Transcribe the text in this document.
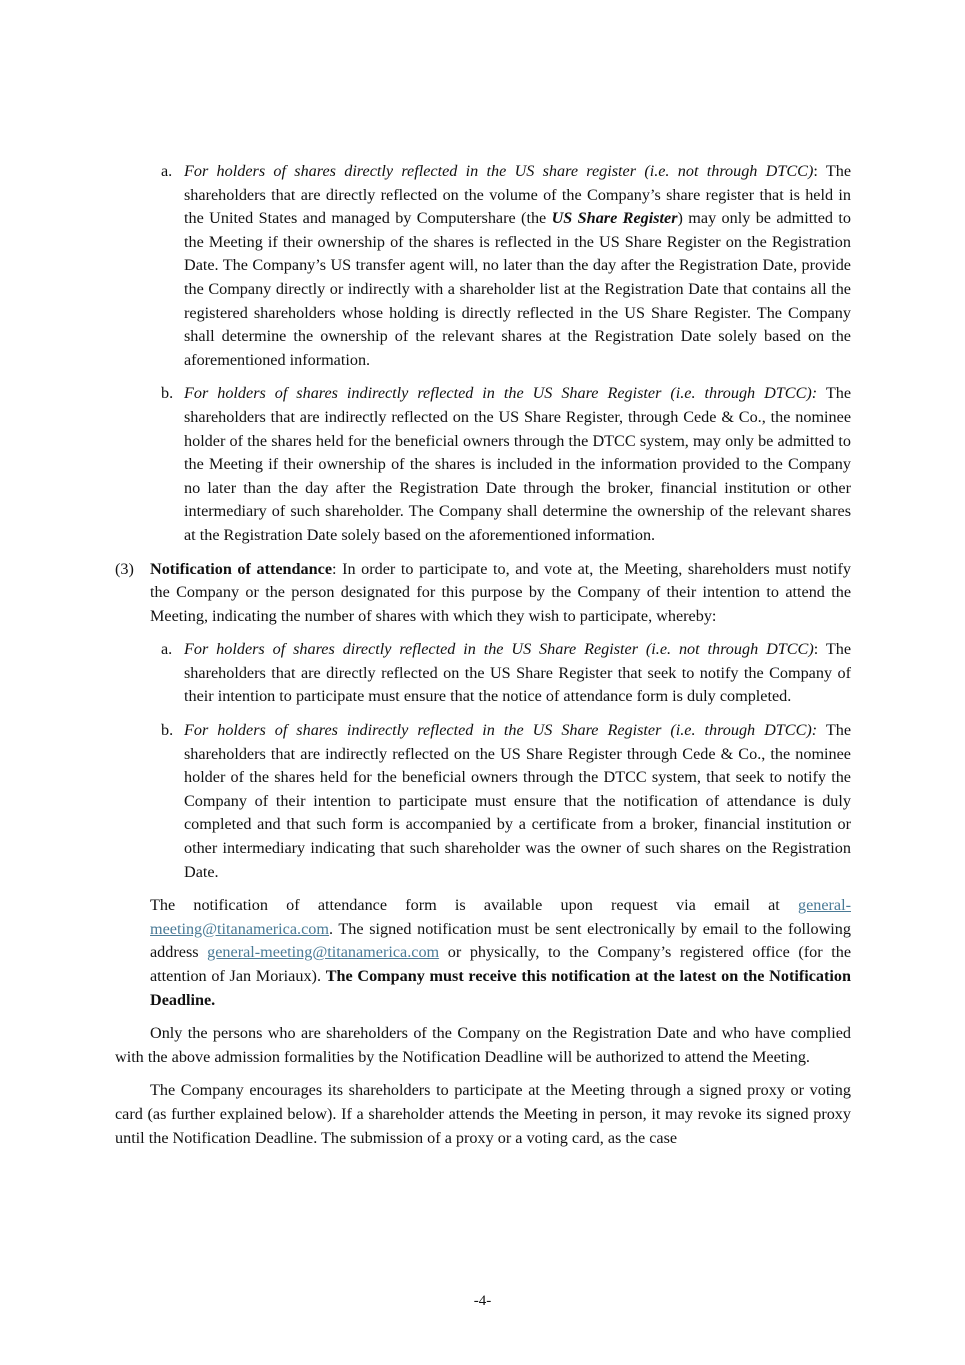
a. For holders of shares directly reflected in the US share register (i.e. not through DTCC): The shareholders that are directly reflected on the volume of the Company’s share register that is held in the United States and managed by Computershare (the US Share Register) may only be admitted to the Meeting if their ownership of the shares is reflected in the US Share Register on the Registration Date. The Company’s US transfer agent will, no later than the day after the Registration Date, provide the Company directly or indirectly with a shareholder list at the Registration Date that contains all the registered shareholders whose holding is directly reflected in the US Share Register. The Company shall determine the ownership of the relevant shares at the Registration Date solely based on the aforementioned information.

b. For holders of shares indirectly reflected in the US Share Register (i.e. through DTCC): The shareholders that are indirectly reflected on the US Share Register, through Cede & Co., the nominee holder of the shares held for the beneficial owners through the DTCC system, may only be admitted to the Meeting if their ownership of the shares is included in the information provided to the Company no later than the day after the Registration Date through the broker, financial institution or other intermediary of such shareholder. The Company shall determine the ownership of the relevant shares at the Registration Date solely based on the aforementioned information.

(3) Notification of attendance: In order to participate to, and vote at, the Meeting, shareholders must notify the Company or the person designated for this purpose by the Company of their intention to attend the Meeting, indicating the number of shares with which they wish to participate, whereby:

a. For holders of shares directly reflected in the US Share Register (i.e. not through DTCC): The shareholders that are directly reflected on the US Share Register that seek to notify the Company of their intention to participate must ensure that the notice of attendance form is duly completed.

b. For holders of shares indirectly reflected in the US Share Register (i.e. through DTCC): The shareholders that are indirectly reflected on the US Share Register through Cede & Co., the nominee holder of the shares held for the beneficial owners through the DTCC system, that seek to notify the Company of their intention to participate must ensure that the notification of attendance is duly completed and that such form is accompanied by a certificate from a broker, financial institution or other intermediary indicating that such shareholder was the owner of such shares on the Registration Date.

The notification of attendance form is available upon request via email at general-meeting@titanamerica.com. The signed notification must be sent electronically by email to the following address general-meeting@titanamerica.com or physically, to the Company’s registered office (for the attention of Jan Moriaux). The Company must receive this notification at the latest on the Notification Deadline.

Only the persons who are shareholders of the Company on the Registration Date and who have complied with the above admission formalities by the Notification Deadline will be authorized to attend the Meeting.

The Company encourages its shareholders to participate at the Meeting through a signed proxy or voting card (as further explained below). If a shareholder attends the Meeting in person, it may revoke its signed proxy until the Notification Deadline. The submission of a proxy or a voting card, as the case

-4-
